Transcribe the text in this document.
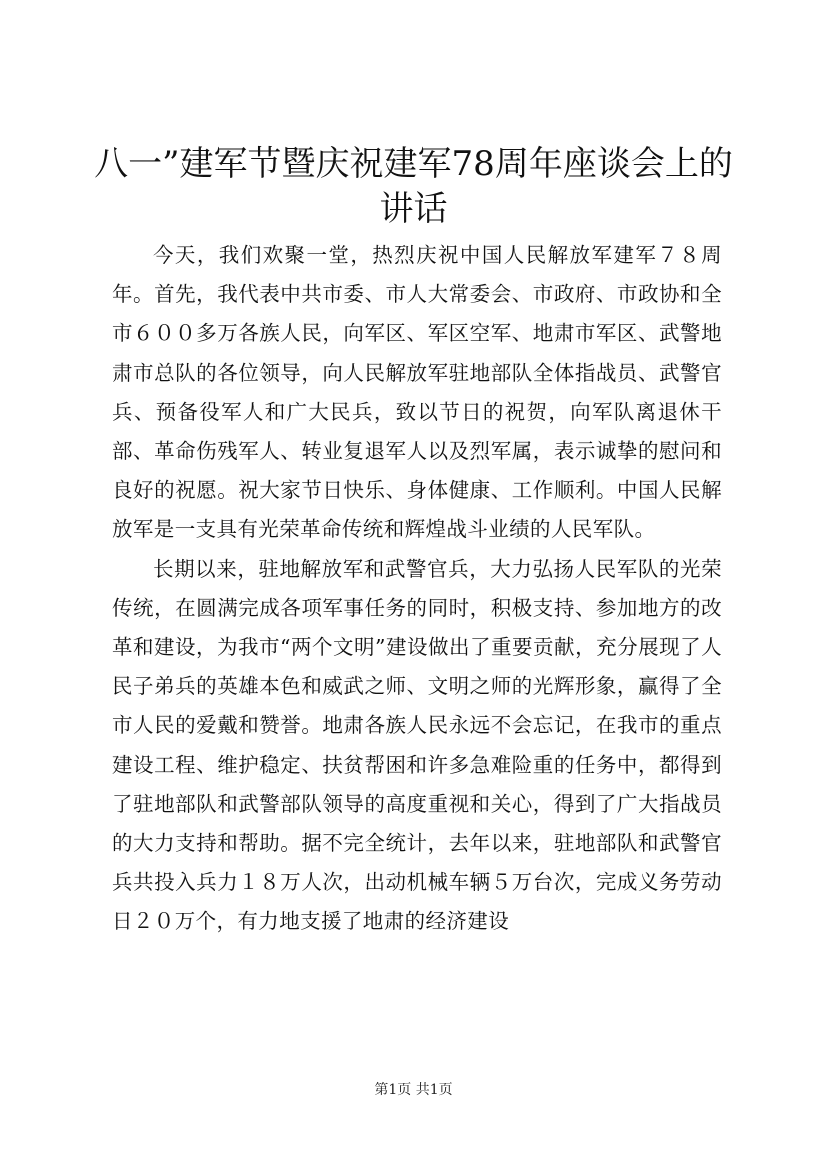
八一”建军节暨庆祝建军78周年座谈会上的
讲话

今天，我们欢聚一堂，热烈庆祝中国人民解放军建军７８周年。首先，我代表中共市委、市人大常委会、市政府、市政协和全市６００多万各族人民，向军区、军区空军、地肃市军区、武警地肃市总队的各位领导，向人民解放军驻地部队全体指战员、武警官兵、预备役军人和广大民兵，致以节日的祝贺，向军队离退休干部、革命伤残军人、转业复退军人以及烈军属，表示诚挚的慰问和良好的祝愿。祝大家节日快乐、身体健康、工作顺利。中国人民解放军是一支具有光荣革命传统和辉煌战斗业绩的人民军队。

长期以来，驻地解放军和武警官兵，大力弘扬人民军队的光荣传统，在圆满完成各项军事任务的同时，积极支持、参加地方的改革和建设，为我市“两个文明”建设做出了重要贡献，充分展现了人民子弟兵的英雄本色和威武之师、文明之师的光辉形象，赢得了全市人民的爱戴和赞誉。地肃各族人民永远不会忘记，在我市的重点建设工程、维护稳定、扶贫帮困和许多急难险重的任务中，都得到了驻地部队和武警部队领导的高度重视和关心，得到了广大指战员的大力支持和帮助。据不完全统计，去年以来，驻地部队和武警官兵共投入兵力１８万人次，出动机械车辆５万台次，完成义务劳动日２０万个，有力地支援了地肃的经济建设

第1页 共1页
